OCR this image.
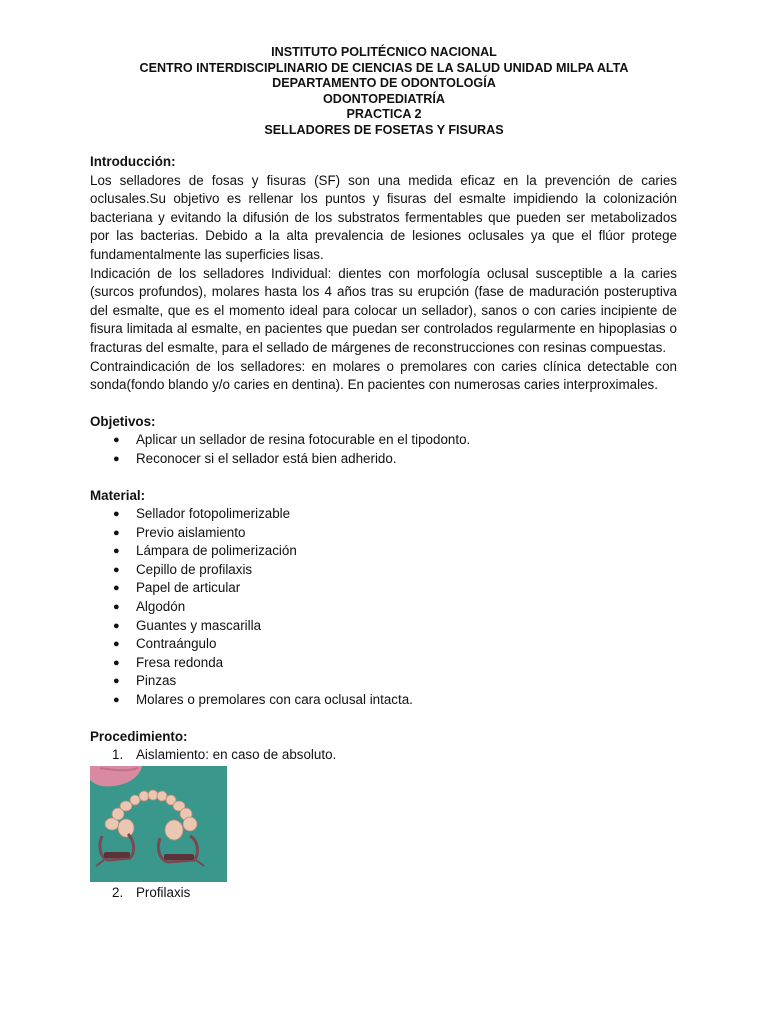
INSTITUTO POLITÉCNICO NACIONAL
CENTRO INTERDISCIPLINARIO DE CIENCIAS DE LA SALUD UNIDAD MILPA ALTA
DEPARTAMENTO DE ODONTOLOGÍA
ODONTOPEDIATRÍA
PRACTICA 2
SELLADORES DE FOSETAS Y FISURAS

Introducción:

Los selladores de fosas y fisuras (SF) son una medida eficaz en la prevención de caries oclusales.Su objetivo es rellenar los puntos y fisuras del esmalte impidiendo la colonización bacteriana y evitando la difusión de los substratos fermentables que pueden ser metabolizados por las bacterias. Debido a la alta prevalencia de lesiones oclusales ya que el flúor protege fundamentalmente las superficies lisas.

Indicación de los selladores Individual: dientes con morfología oclusal susceptible a la caries (surcos profundos), molares hasta los 4 años tras su erupción (fase de maduración posteruptiva del esmalte, que es el momento ideal para colocar un sellador), sanos o con caries incipiente de fisura limitada al esmalte, en pacientes que puedan ser controlados regularmente en hipoplasias o fracturas del esmalte, para el sellado de márgenes de reconstrucciones con resinas compuestas.

Contraindicación de los selladores: en molares o premolares con caries clínica detectable con sonda(fondo blando y/o caries en dentina). En pacientes con numerosas caries interproximales.

Objetivos:

● Aplicar un sellador de resina fotocurable en el tipodonto.
● Reconocer si el sellador está bien adherido.

Material:

● Sellador fotopolimerizable
● Previo aislamiento
● Lámpara de polimerización
● Cepillo de profilaxis
● Papel de articular
● Algodón
● Guantes y mascarilla
● Contraángulo
● Fresa redonda
● Pinzas
● Molares o premolares con cara oclusal intacta.

Procedimiento:

1. Aislamiento: en caso de absoluto.
2. Profilaxis
